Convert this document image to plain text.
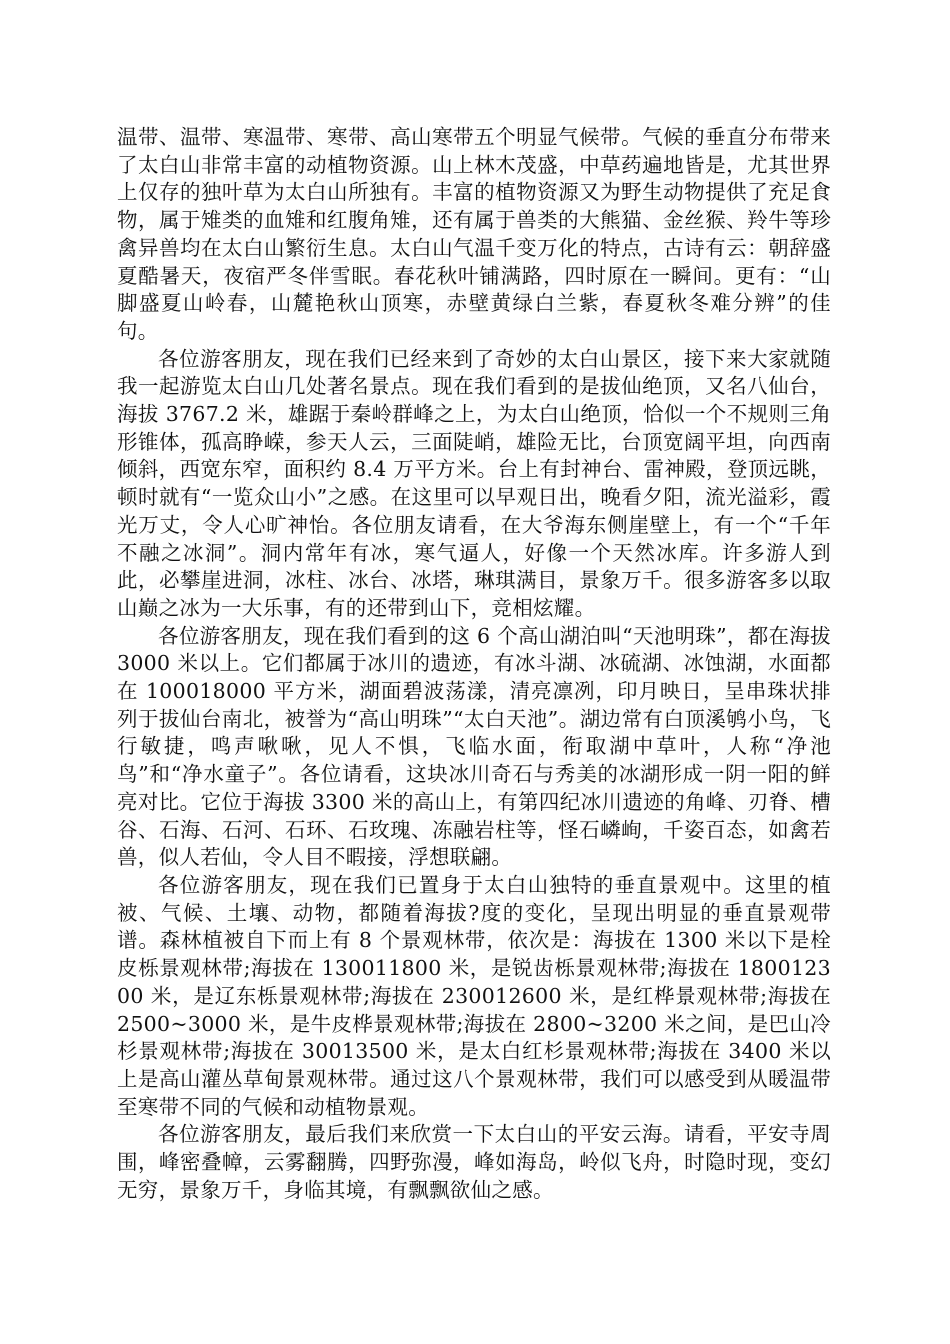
温带、温带、寒温带、寒带、高山寒带五个明显气候带。气候的垂直分布带来了太白山非常丰富的动植物资源。山上林木茂盛，中草药遍地皆是，尤其世界上仅存的独叶草为太白山所独有。丰富的植物资源又为野生动物提供了充足食物，属于雉类的血雉和红腹角雉，还有属于兽类的大熊猫、金丝猴、羚牛等珍禽异兽均在太白山繁衍生息。太白山气温千变万化的特点，古诗有云：朝辞盛夏酷暑天，夜宿严冬伴雪眠。春花秋叶铺满路，四时原在一瞬间。更有：“山脚盛夏山岭春，山麓艳秋山顶寒，赤壁黄绿白兰紫，春夏秋冬难分辨”的佳句。

各位游客朋友，现在我们已经来到了奇妙的太白山景区，接下来大家就随我一起游览太白山几处著名景点。现在我们看到的是拔仙绝顶，又名八仙台，海拔 3767.2 米，雄踞于秦岭群峰之上，为太白山绝顶，恰似一个不规则三角形锥体，孤高睁嵘，参天人云，三面陡峭，雄险无比，台顶宽阔平坦，向西南倾斜，西宽东窄，面积约 8.4 万平方米。台上有封神台、雷神殿，登顶远眺，顿时就有“一览众山小”之感。在这里可以早观日出，晚看夕阳，流光溢彩，霞光万丈，令人心旷神怡。各位朋友请看，在大爷海东侧崖壁上，有一个“千年不融之冰洞”。洞内常年有冰，寒气逼人，好像一个天然冰库。许多游人到此，必攀崖进洞，冰柱、冰台、冰塔，琳琪满目，景象万千。很多游客多以取山巅之冰为一大乐事，有的还带到山下，竞相炫耀。

各位游客朋友，现在我们看到的这 6 个高山湖泊叫“天池明珠”，都在海拔 3000 米以上。它们都属于冰川的遗迹，有冰斗湖、冰硫湖、冰蚀湖，水面都在 100018000 平方米，湖面碧波荡漾，清亮凛冽，印月映日，呈串珠状排列于拔仙台南北，被誉为“高山明珠”“太白天池”。湖边常有白顶溪鸲小鸟，飞行敏捷，鸣声啾啾，见人不惧，飞临水面，衔取湖中草叶，人称“净池鸟”和“净水童子”。各位请看，这块冰川奇石与秀美的冰湖形成一阴一阳的鲜亮对比。它位于海拔 3300 米的高山上，有第四纪冰川遗迹的角峰、刃脊、槽谷、石海、石河、石环、石玫瑰、冻融岩柱等，怪石嶙峋，千姿百态，如禽若兽，似人若仙，令人目不暇接，浮想联翩。

各位游客朋友，现在我们已置身于太白山独特的垂直景观中。这里的植被、气候、土壤、动物，都随着海拔?度的变化，呈现出明显的垂直景观带谱。森林植被自下而上有 8 个景观林带，依次是：海拔在 1300 米以下是栓皮栎景观林带;海拔在 130011800 米，是锐齿栎景观林带;海拔在 180012300 米，是辽东栎景观林带;海拔在 230012600 米，是红桦景观林带;海拔在 2500~3000 米，是牛皮桦景观林带;海拔在 2800~3200 米之间，是巴山冷杉景观林带;海拔在 30013500 米，是太白红杉景观林带;海拔在 3400 米以上是高山灌丛草甸景观林带。通过这八个景观林带，我们可以感受到从暖温带至寒带不同的气候和动植物景观。

各位游客朋友，最后我们来欣赏一下太白山的平安云海。请看，平安寺周围，峰密叠幛，云雾翻腾，四野弥漫，峰如海岛，岭似飞舟，时隐时现，变幻无穷，景象万千，身临其境，有飘飘欲仙之感。
